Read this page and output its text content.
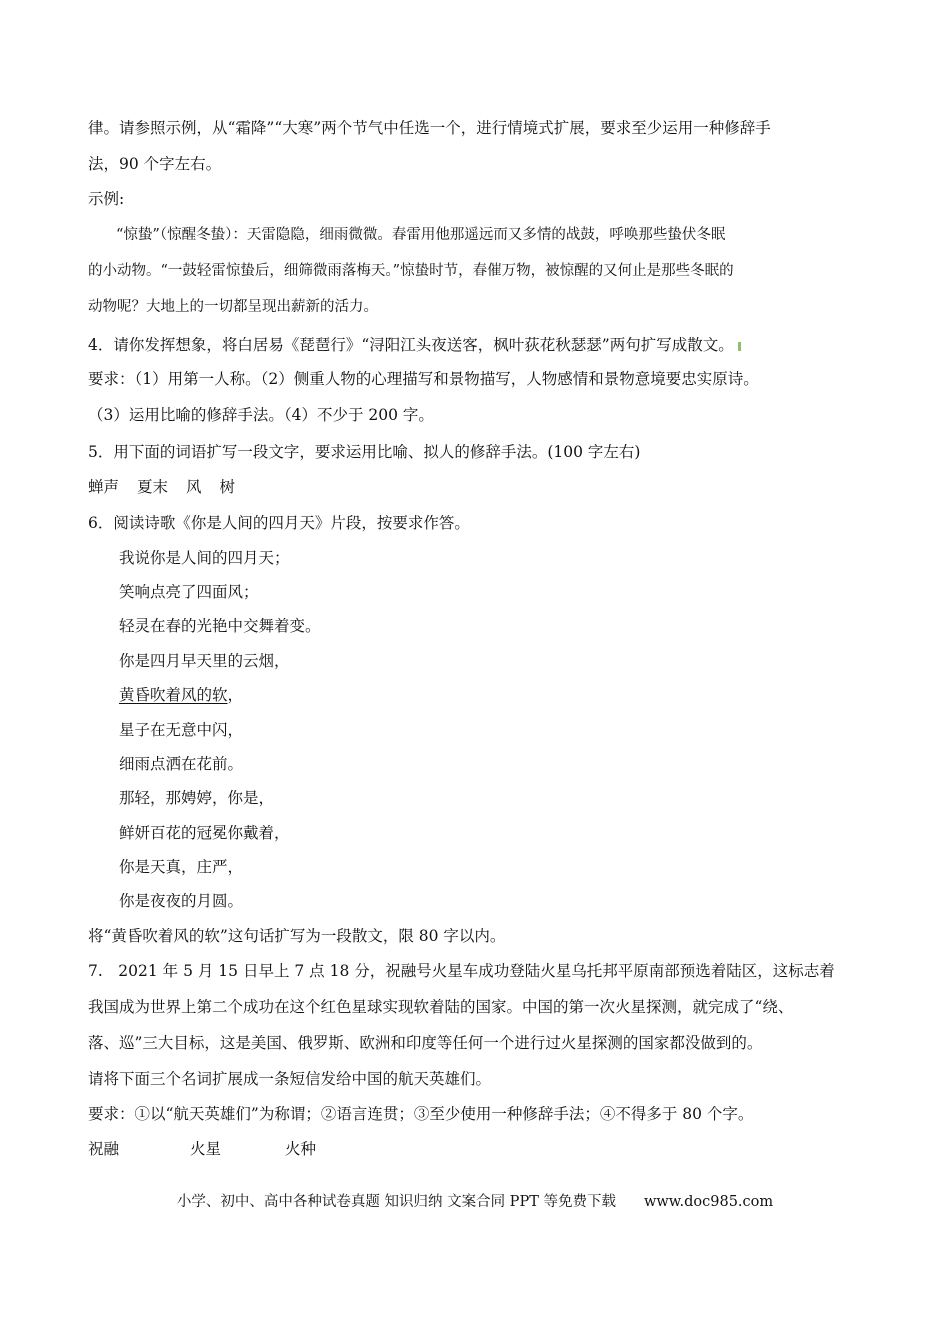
律。请参照示例，从“霜降”“大寒”两个节气中任选一个，进行情境式扩展，要求至少运用一种修辞手
法，90 个字左右。
示例:
“惊蛰”（惊醒冬蛰）：天雷隐隐，细雨微微。春雷用他那遥远而又多情的战鼓，呼唤那些蛰伏冬眠
的小动物。“一鼓轻雷惊蛰后，细筛微雨落梅天。”惊蛰时节，春催万物，被惊醒的又何止是那些冬眠的
动物呢？大地上的一切都呈现出薪新的活力。
4．请你发挥想象，将白居易《琵琶行》“浔阳江头夜送客，枫叶荻花秋瑟瑟”两句扩写成散文。
要求：（1）用第一人称。（2）侧重人物的心理描写和景物描写，人物感情和景物意境要忠实原诗。
（3）运用比喻的修辞手法。（4）不少于 200 字。
5．用下面的词语扩写一段文字，要求运用比喻、拟人的修辞手法。(100 字左右)
蝉声 夏末 风 树
6．阅读诗歌《你是人间的四月天》片段，按要求作答。
我说你是人间的四月天；
笑响点亮了四面风；
轻灵在春的光艳中交舞着变。
你是四月早天里的云烟，
黄昏吹着风的软，
星子在无意中闪，
细雨点洒在花前。
那轻，那娉婷，你是，
鲜妍百花的冠冕你戴着，
你是天真，庄严，
你是夜夜的月圆。
将“黄昏吹着风的软”这句话扩写为一段散文，限 80 字以内。
7.　2021 年 5 月 15 日早上 7 点 18 分，祝融号火星车成功登陆火星乌托邦平原南部预选着陆区，这标志着
我国成为世界上第二个成功在这个红色星球实现软着陆的国家。中国的第一次火星探测，就完成了“绕、
落、巡”三大目标，这是美国、俄罗斯、欧洲和印度等任何一个进行过火星探测的国家都没做到的。
请将下面三个名词扩展成一条短信发给中国的航天英雄们。
要求：①以“航天英雄们”为称谓；②语言连贯；③至少使用一种修辞手法；④不得多于 80 个字。
祝融	火星	火种
小学、初中、高中各种试卷真题 知识归纳 文案合同 PPT 等免费下载 www.doc985.com
